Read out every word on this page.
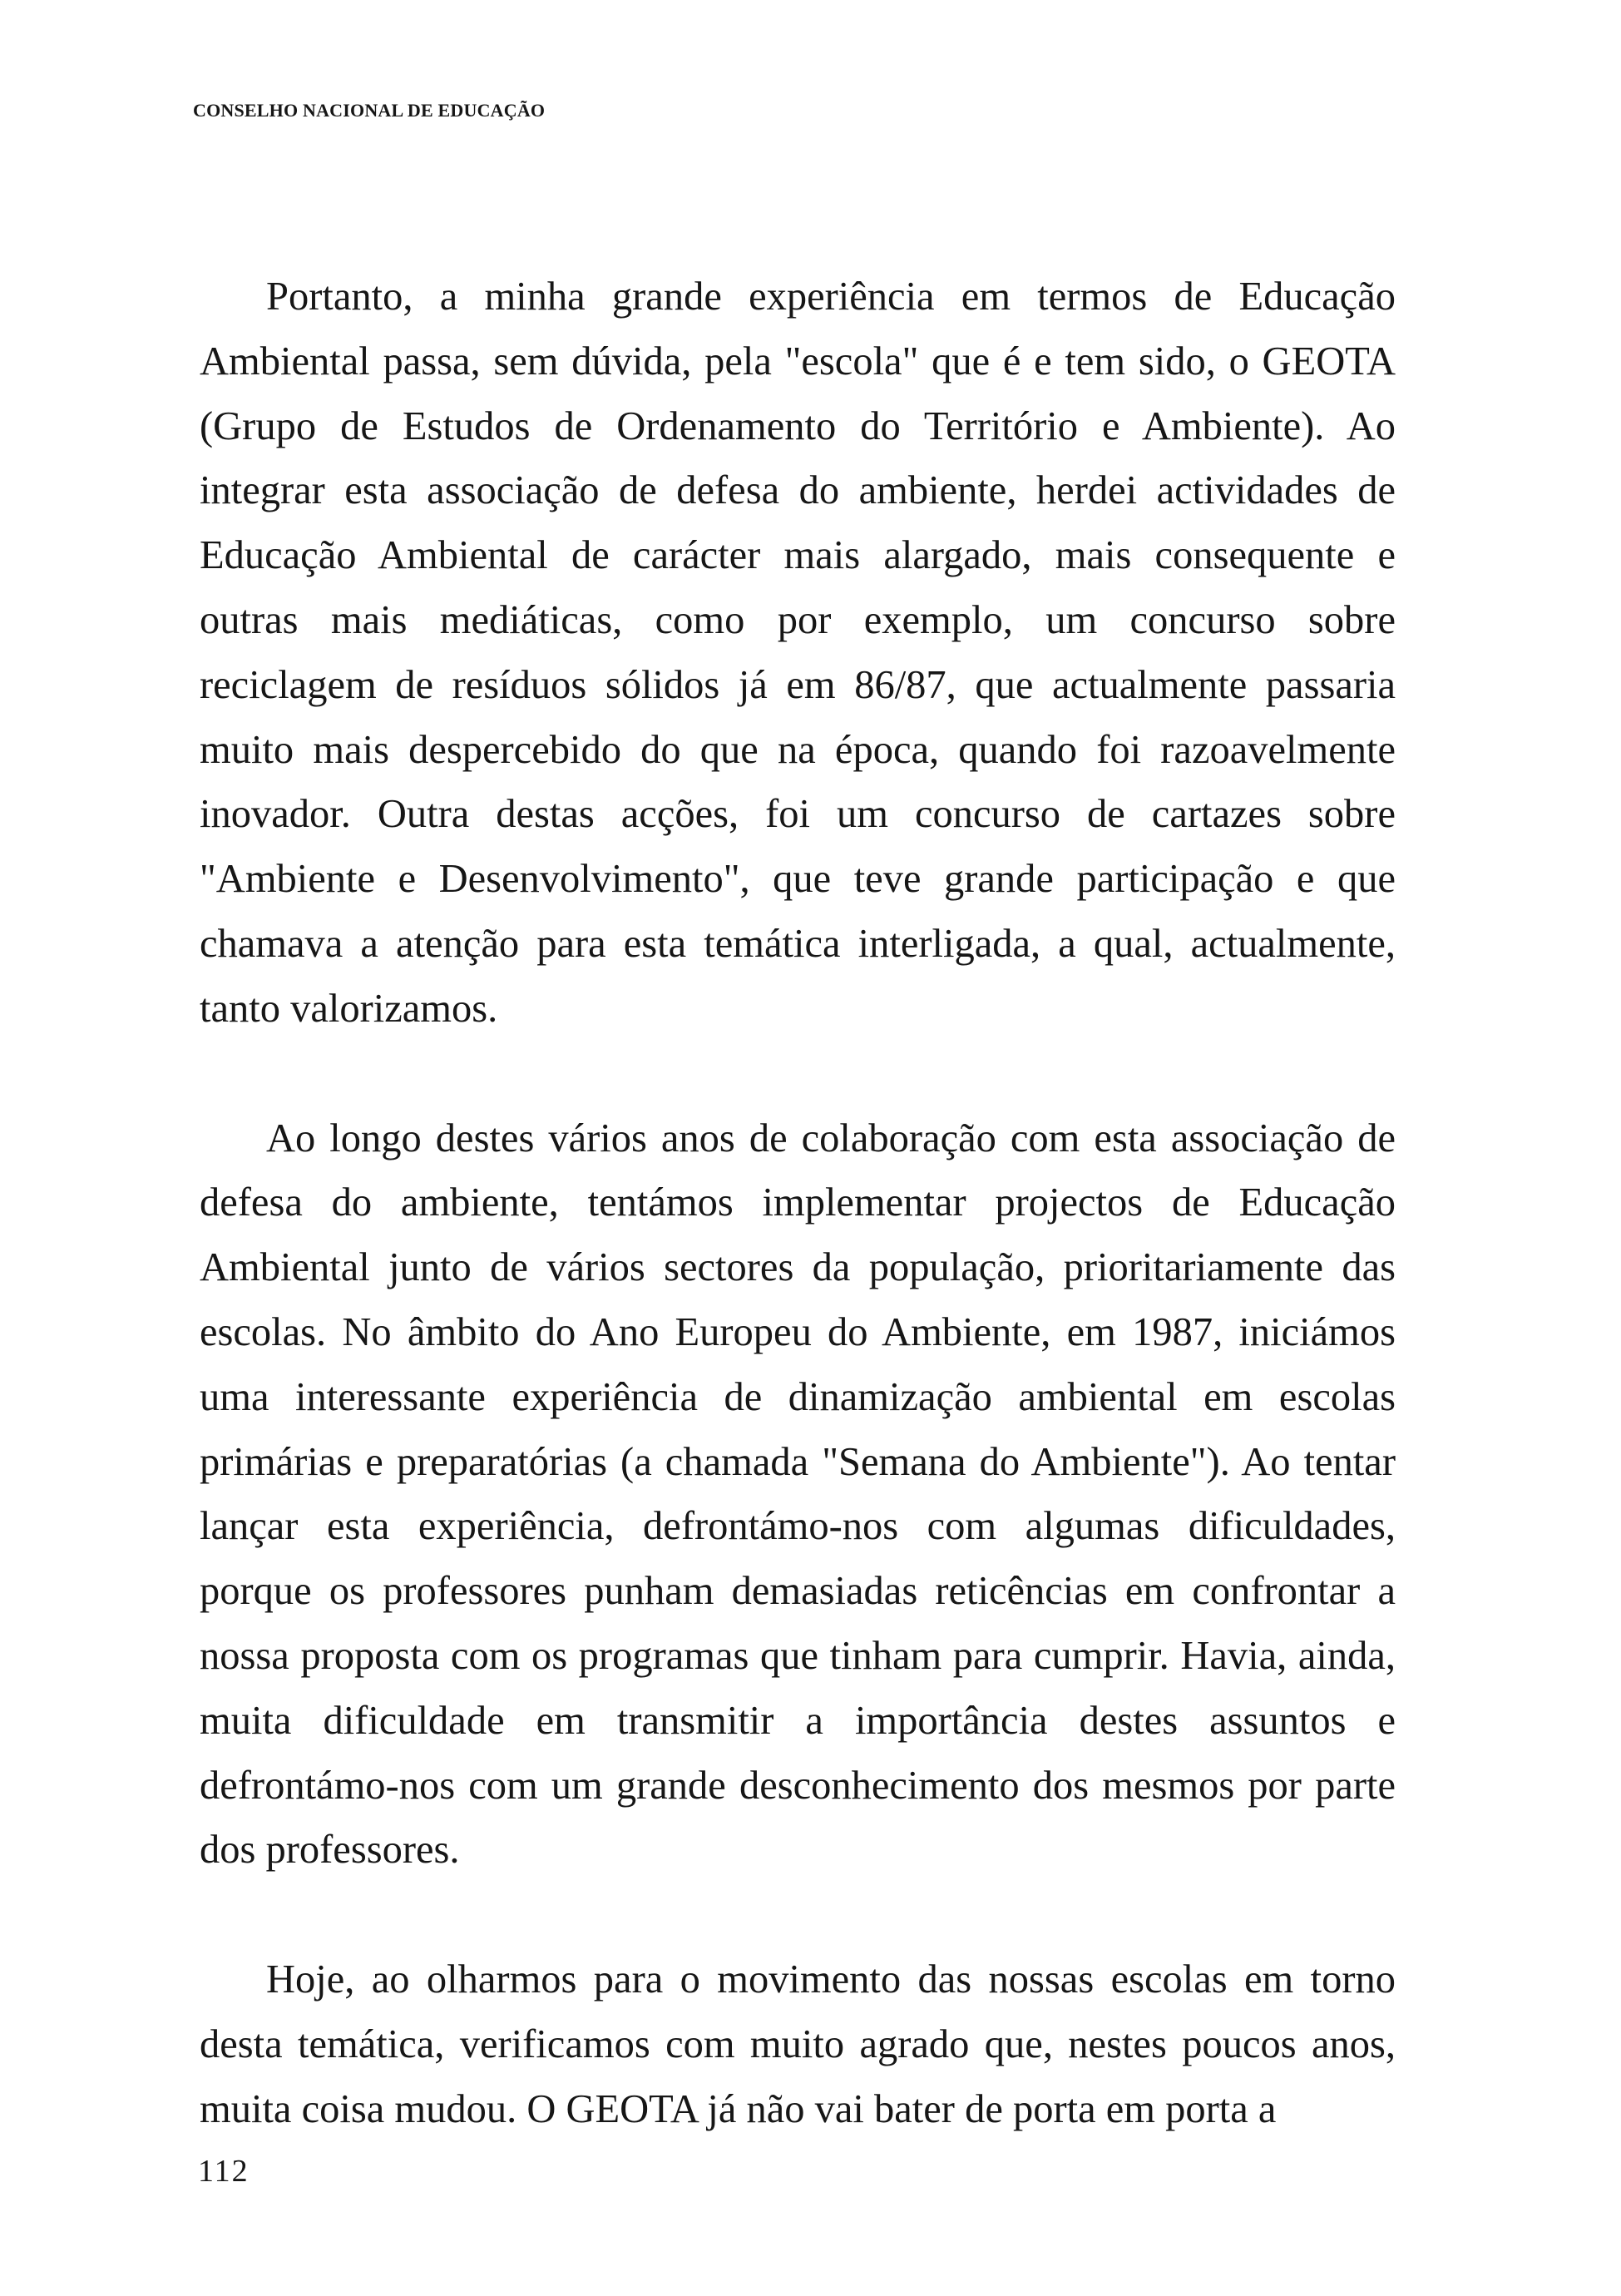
CONSELHO NACIONAL DE EDUCAÇÃO

Portanto, a minha grande experiência em termos de Educação Ambiental passa, sem dúvida, pela "escola" que é e tem sido, o GEOTA (Grupo de Estudos de Ordenamento do Território e Ambiente). Ao integrar esta associação de defesa do ambiente, herdei actividades de Educação Ambiental de carácter mais alargado, mais consequente e outras mais mediáticas, como por exemplo, um concurso sobre reciclagem de resíduos sólidos já em 86/87, que actualmente passaria muito mais despercebido do que na época, quando foi razoavelmente inovador. Outra destas acções, foi um concurso de cartazes sobre "Ambiente e Desenvolvimento", que teve grande participação e que chamava a atenção para esta temática interligada, a qual, actualmente, tanto valorizamos.

Ao longo destes vários anos de colaboração com esta associação de defesa do ambiente, tentámos implementar projectos de Educação Ambiental junto de vários sectores da população, prioritariamente das escolas. No âmbito do Ano Europeu do Ambiente, em 1987, iniciámos uma interessante experiência de dinamização ambiental em escolas primárias e preparatórias (a chamada "Semana do Ambiente"). Ao tentar lançar esta experiência, defrontámo-nos com algumas dificuldades, porque os professores punham demasiadas reticências em confrontar a nossa proposta com os programas que tinham para cumprir. Havia, ainda, muita dificuldade em transmitir a importância destes assuntos e defrontámo-nos com um grande desconhecimento dos mesmos por parte dos professores.

Hoje, ao olharmos para o movimento das nossas escolas em torno desta temática, verificamos com muito agrado que, nestes poucos anos, muita coisa mudou. O GEOTA já não vai bater de porta em porta a

112
